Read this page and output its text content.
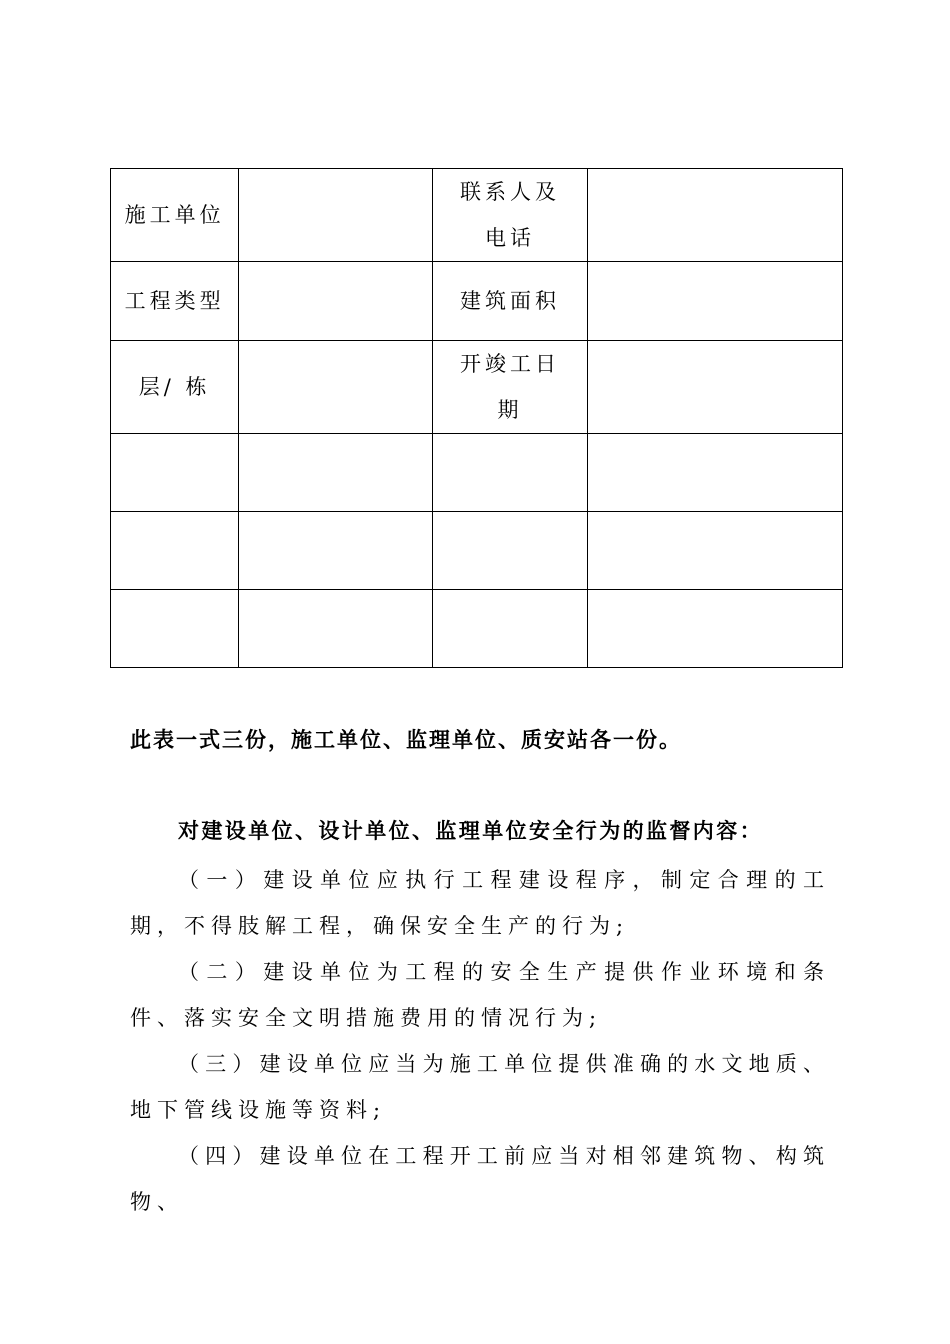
施工单位		联系人及电话	
工程类型		建筑面积	
层/ 栋		开竣工日期	

此表一式三份，施工单位、监理单位、质安站各一份。
对建设单位、设计单位、监理单位安全行为的监督内容：

（一）建设单位应执行工程建设程序，制定合理的工期，不得肢解工程，确保安全生产的行为;

（二）建设单位为工程的安全生产提供作业环境和条件、落实安全文明措施费用的情况行为;

（三）建设单位应当为施工单位提供准确的水文地质、地下管线设施等资料;

（四）建设单位在工程开工前应当对相邻建筑物、构筑物、
